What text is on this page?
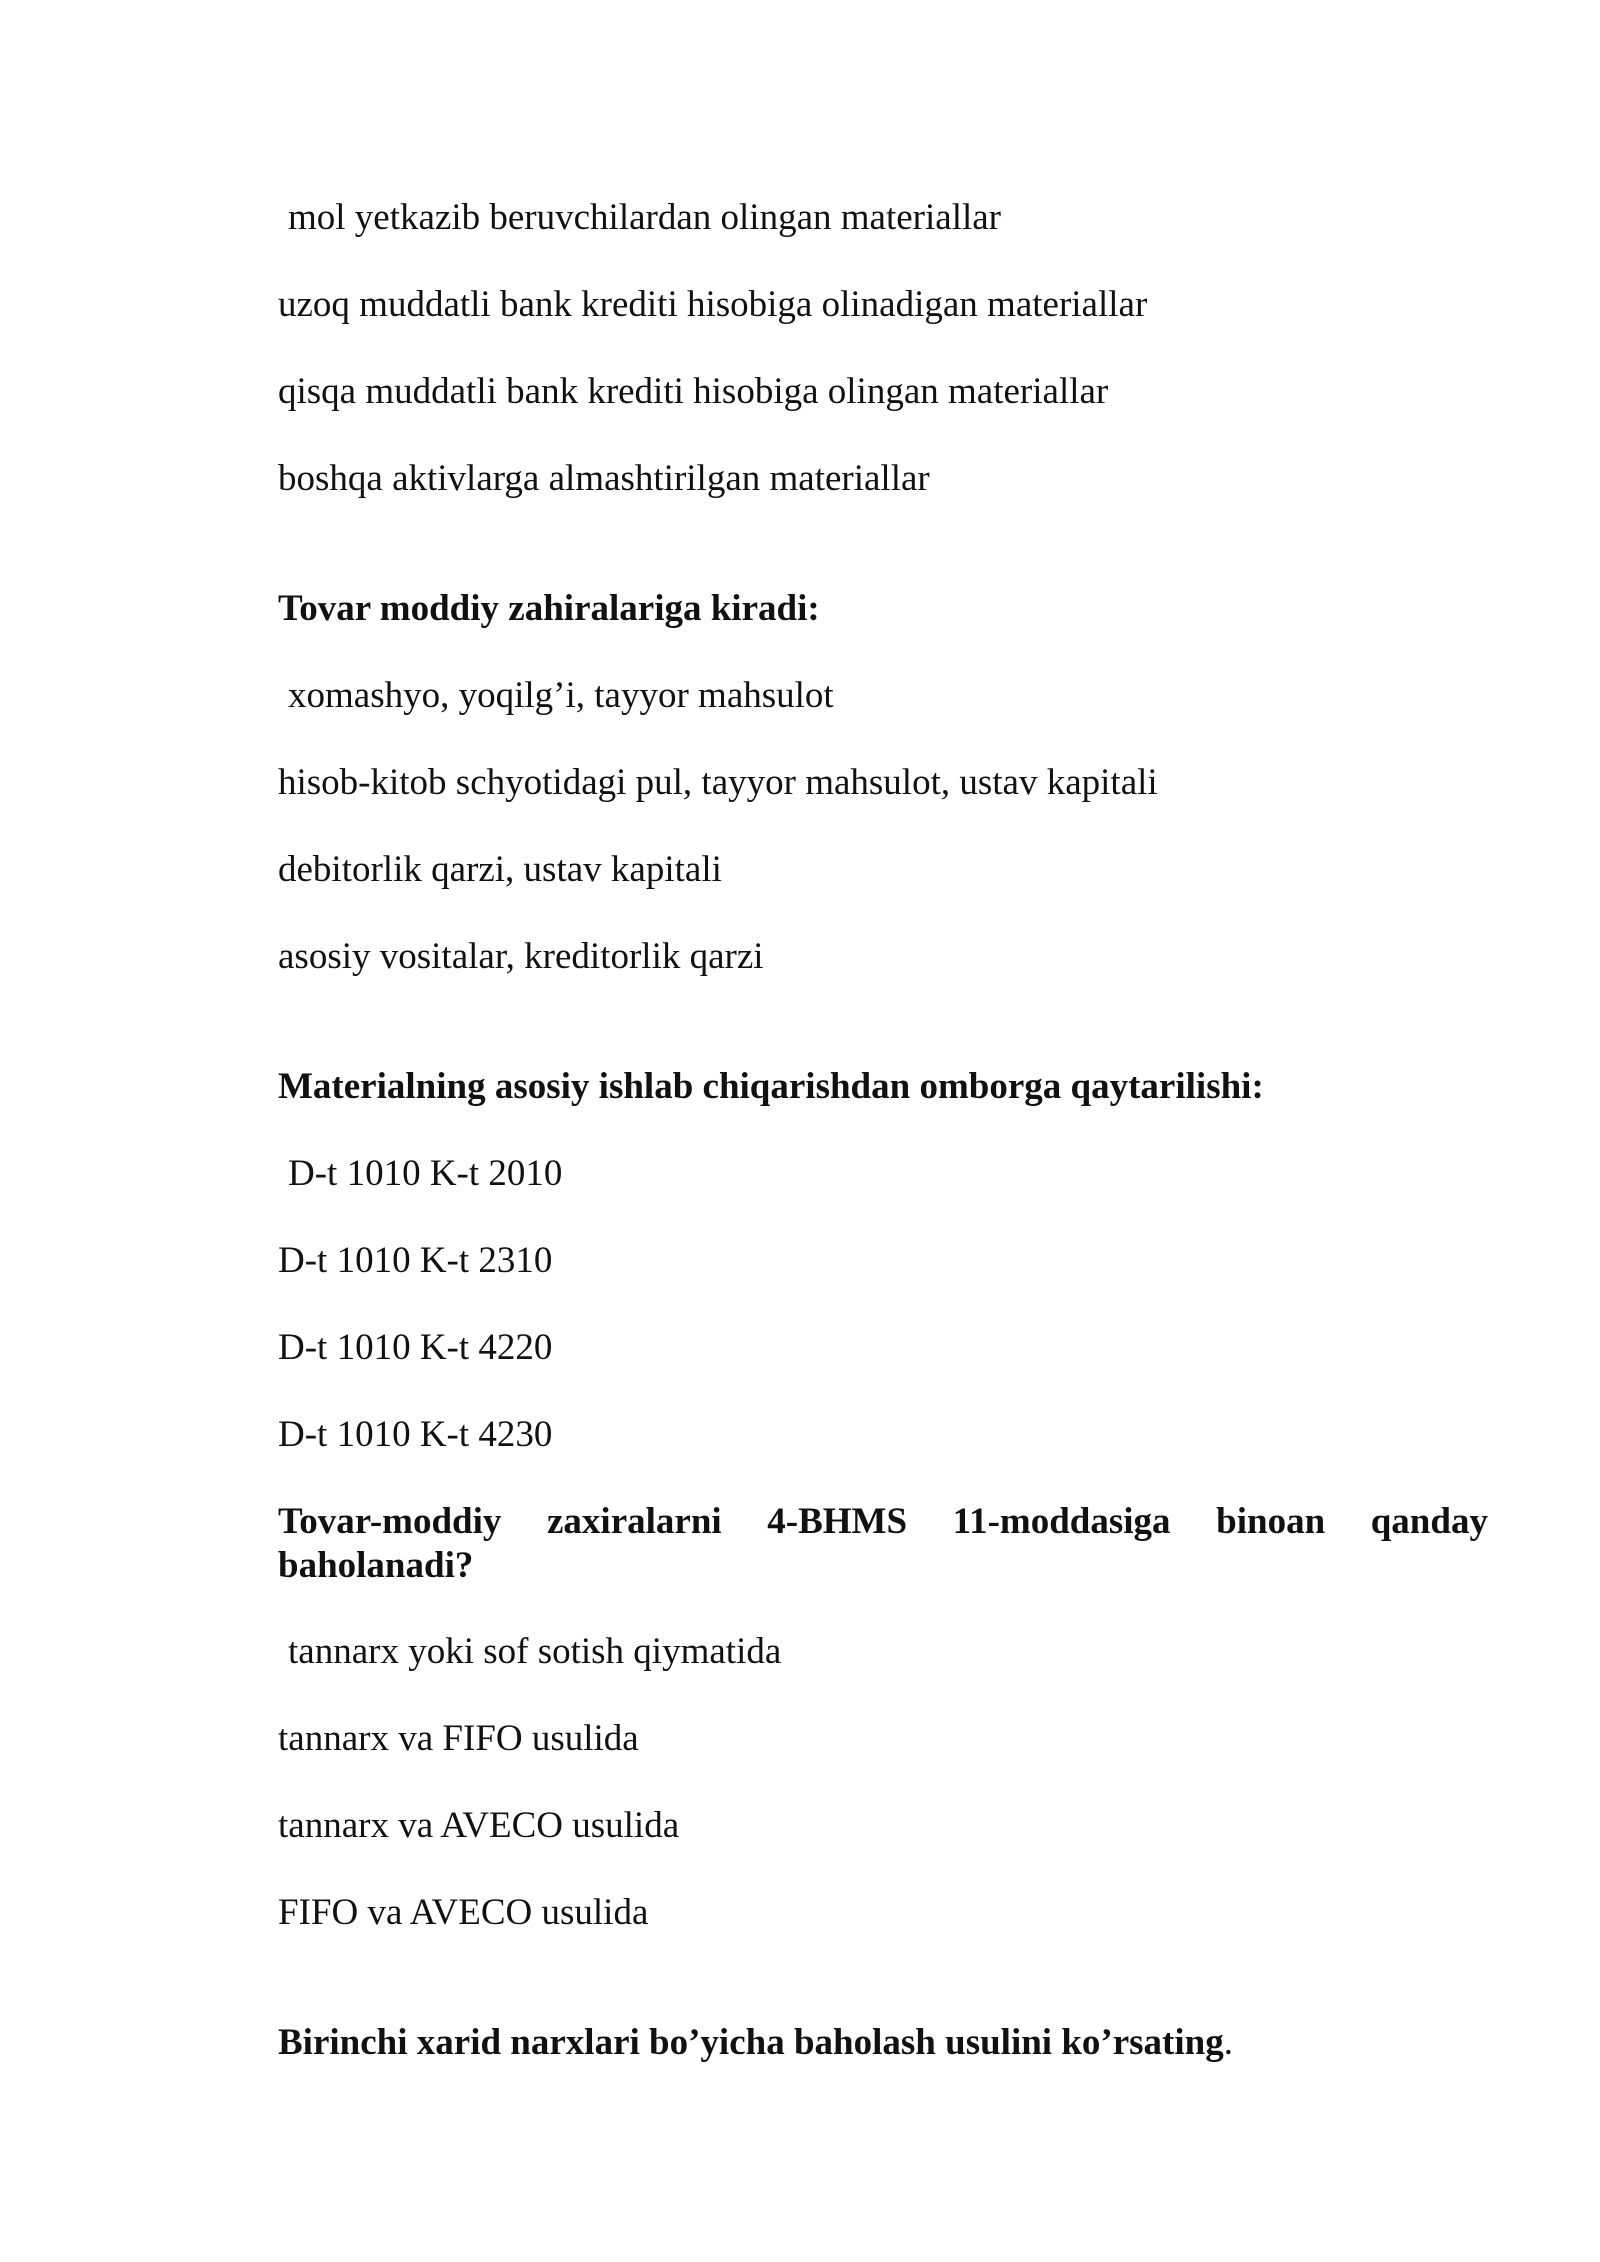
mol yetkazib beruvchilardan olingan materiallar

uzoq muddatli bank krediti hisobiga olinadigan materiallar

qisqa muddatli bank krediti hisobiga olingan materiallar

boshqa aktivlarga almashtirilgan materiallar

Tovar moddiy zahiralariga kiradi:

xomashyo, yoqilg’i, tayyor mahsulot

hisob-kitob schyotidagi pul, tayyor mahsulot, ustav kapitali

debitorlik qarzi, ustav kapitali

asosiy vositalar, kreditorlik qarzi

Materialning asosiy ishlab chiqarishdan omborga qaytarilishi:

D-t 1010 K-t 2010

D-t 1010 K-t 2310

D-t 1010 K-t 4220

D-t 1010 K-t 4230

Tovar-moddiy zaxiralarni 4-BHMS 11-moddasiga binoan qanday
baholanadi?

tannarx yoki sof sotish qiymatida

tannarx va FIFO usulida

tannarx va AVECO usulida

FIFO va AVECO usulida

Birinchi xarid narxlari bo’yicha baholash usulini ko’rsating.
